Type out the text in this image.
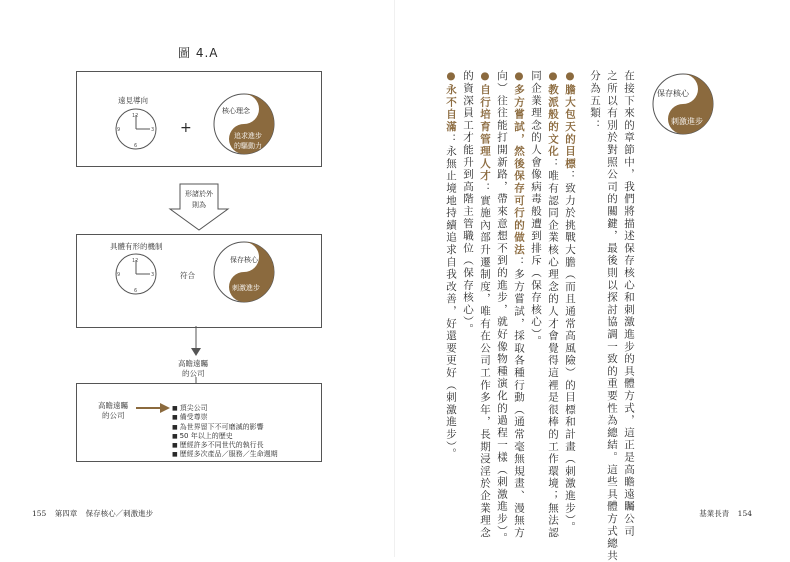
圖 4.A
遠見導向
12
3
6
9	+
核心理念
追求進步
的驅動力
形諸於外
則為
具體有形的機制
12
3
6
9	符合
保存核心
刺激進步
高瞻遠矚
的公司
高瞻遠矚
的公司
■ 頂尖公司
■ 備受尊崇
■ 為世界留下不可磨滅的影響
■ 50 年以上的歷史
■ 歷經許多不同世代的執行長
■ 歷經多次產品／服務／生命週期
155 第四章 保存核心／刺激進步
保存核心
刺激進步
在接下來的章節中，我們將描述保存核心和刺激進步的具體方式，這正是高瞻遠矚公司
之所以有別於對照公司的關鍵，最後則以探討協調一致的重要性為總結。這些具體方式總共
分為五類：
●膽大包天的目標：致力於挑戰大膽（而且通常高風險）的目標和計畫（刺激進步）。
●教派般的文化：唯有認同企業核心理念的人才會覺得這裡是很棒的工作環境；無法認
同企業理念的人會像病毒般遭到排斥（保存核心）。
●多方嘗試，然後保存可行的做法：多方嘗試，採取各種行動（通常毫無規畫、漫無方
向）往往能打開新路，帶來意想不到的進步，就好像物種演化的過程一樣（刺激進步）。
●自行培育管理人才：實施內部升遷制度，唯有在公司工作多年，長期浸淫於企業理念
的資深員工才能升到高階主管職位（保存核心）。
●永不自滿：永無止境地持續追求自我改善，好還要更好（刺激進步）。
基業長青 154
